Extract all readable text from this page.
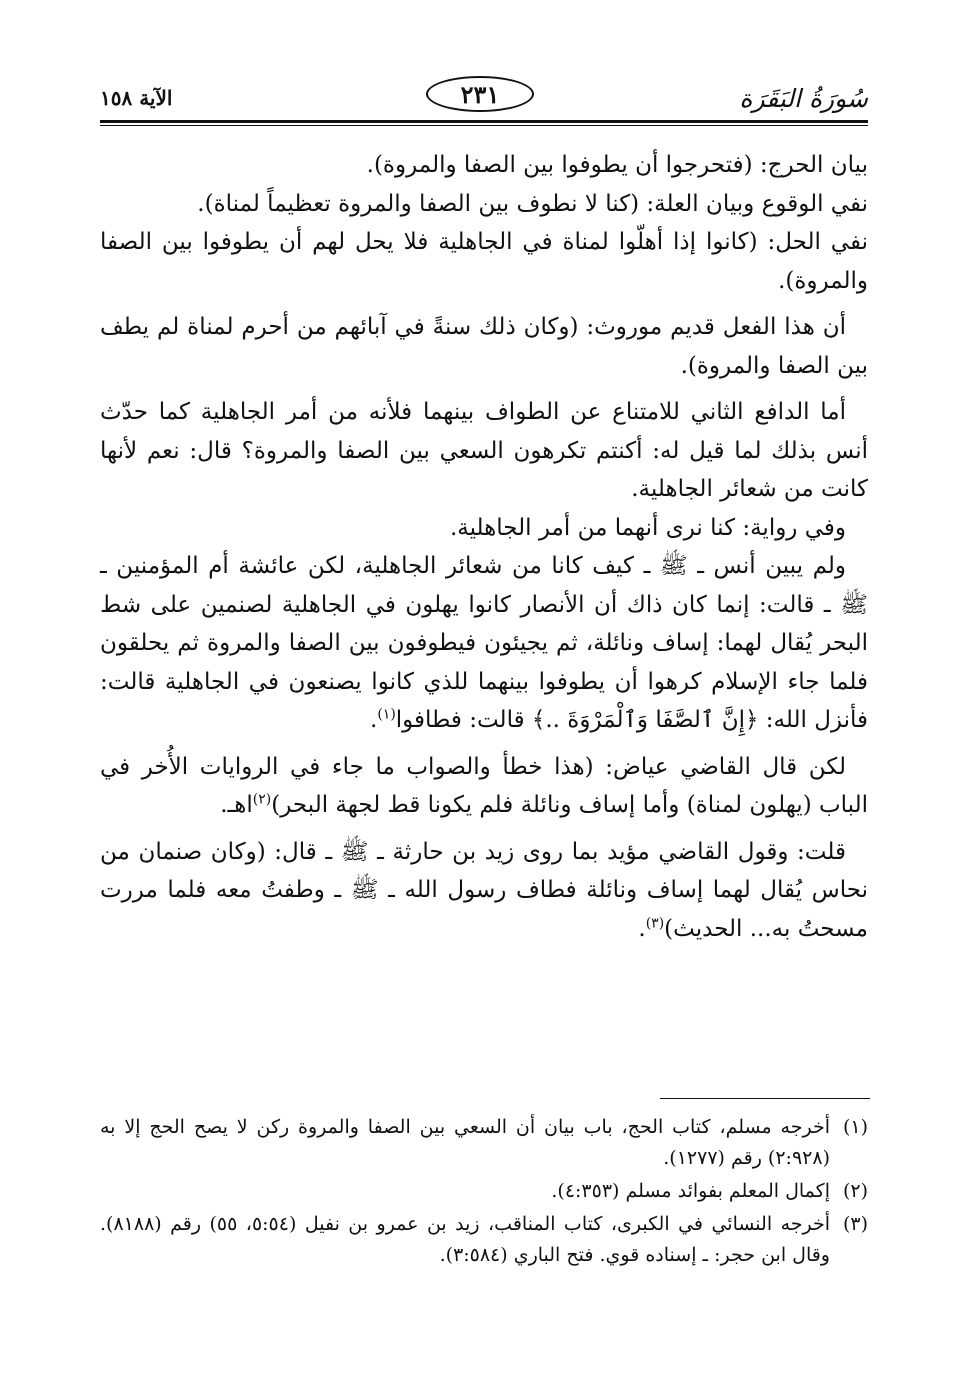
سُورَةُ البَقَرَة
٢٣١
الآية ١٥٨

بيان الحرج: (فتحرجوا أن يطوفوا بين الصفا والمروة).

نفي الوقوع وبيان العلة: (كنا لا نطوف بين الصفا والمروة تعظيماً لمناة).

نفي الحل: (كانوا إذا أهلّوا لمناة في الجاهلية فلا يحل لهم أن يطوفوا بين الصفا والمروة).

أن هذا الفعل قديم موروث: (وكان ذلك سنةً في آبائهم من أحرم لمناة لم يطف بين الصفا والمروة).

أما الدافع الثاني للامتناع عن الطواف بينهما فلأنه من أمر الجاهلية كما حدّث أنس بذلك لما قيل له: أكنتم تكرهون السعي بين الصفا والمروة؟ قال: نعم لأنها كانت من شعائر الجاهلية.

وفي رواية: كنا نرى أنهما من أمر الجاهلية.

ولم يبين أنس ـ ﷺ ـ كيف كانا من شعائر الجاهلية، لكن عائشة أم المؤمنين ـ ﷺ ـ قالت: إنما كان ذاك أن الأنصار كانوا يهلون في الجاهلية لصنمين على شط البحر يُقال لهما: إساف ونائلة، ثم يجيئون فيطوفون بين الصفا والمروة ثم يحلقون فلما جاء الإسلام كرهوا أن يطوفوا بينهما للذي كانوا يصنعون في الجاهلية قالت: فأنزل الله: ﴿إِنَّ ٱلصَّفَا وَٱلْمَرْوَةَ ..﴾ قالت: فطافوا$^{(١)}$.

لكن قال القاضي عياض: (هذا خطأ والصواب ما جاء في الروايات الأُخر في الباب (يهلون لمناة) وأما إساف ونائلة فلم يكونا قط لجهة البحر)$^{(٢)}$اهـ.

قلت: وقول القاضي مؤيد بما روى زيد بن حارثة ـ ﷺ ـ قال: (وكان صنمان من نحاس يُقال لهما إساف ونائلة فطاف رسول الله ـ ﷺ ـ وطفتُ معه فلما مررت مسحتُ به... الحديث)$^{(٣)}$.

(١)
أخرجه مسلم، كتاب الحج، باب بيان أن السعي بين الصفا والمروة ركن لا يصح الحج إلا به (٢:٩٢٨) رقم (١٢٧٧).
(٢)
إكمال المعلم بفوائد مسلم (٤:٣٥٣).
(٣)
أخرجه النسائي في الكبرى، كتاب المناقب، زيد بن عمرو بن نفيل (٥:٥٤، ٥٥) رقم (٨١٨٨). وقال ابن حجر: ـ إسناده قوي. فتح الباري (٣:٥٨٤).
